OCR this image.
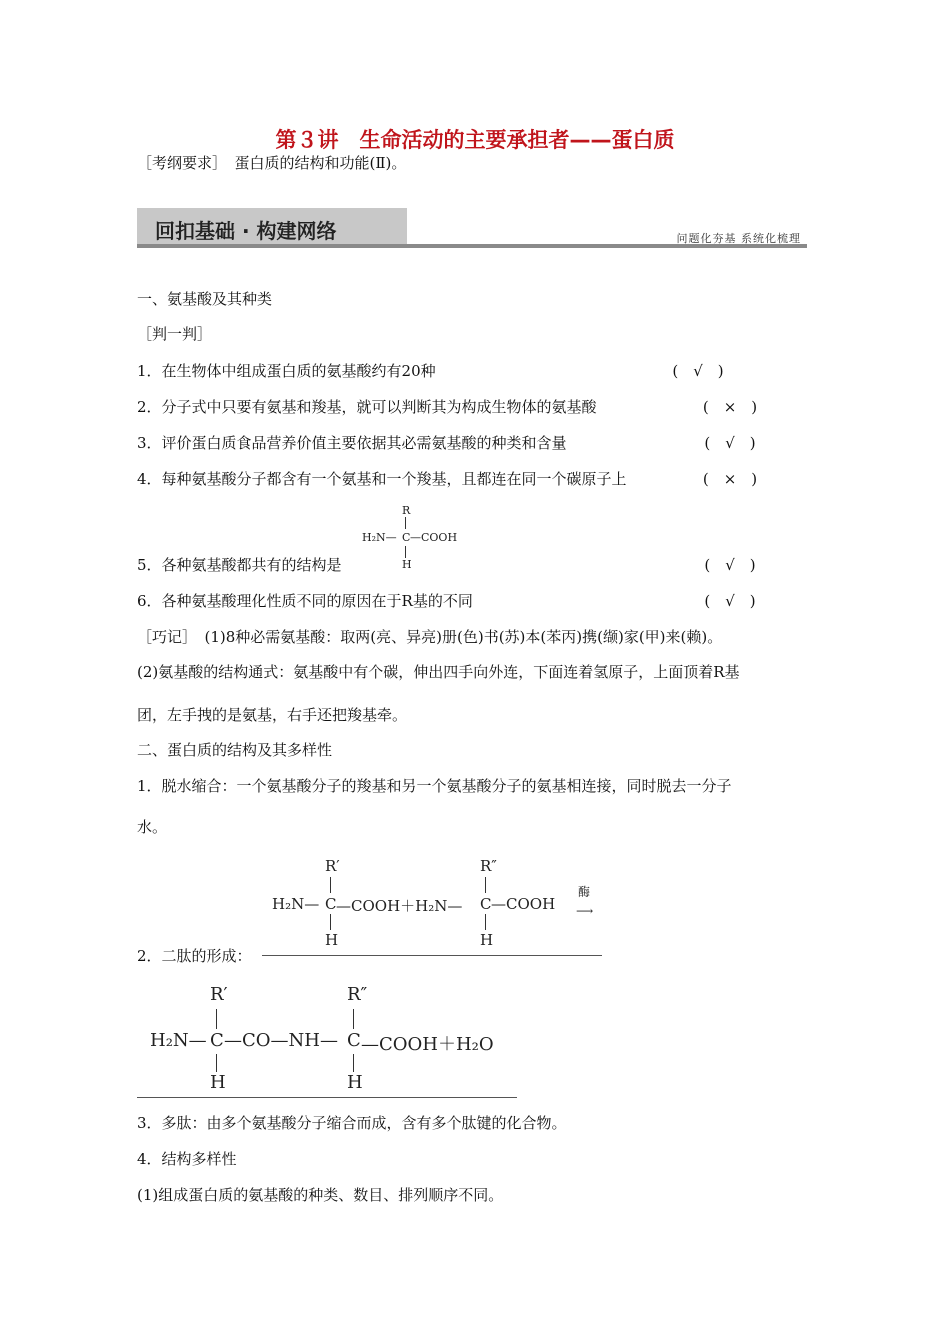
第３讲　生命活动的主要承担者——蛋白质
［考纲要求］　蛋白质的结构和功能(Ⅱ)。
回扣基础 · 构建网络	问题化夯基 系统化梳理
一、氨基酸及其种类
［判一判］
1．在生物体中组成蛋白质的氨基酸约有20种	(　√　)
2．分子式中只要有氨基和羧基，就可以判断其为构成生物体的氨基酸	(　×　)
3．评价蛋白质食品营养价值主要依据其必需氨基酸的种类和含量	(　√　)
4．每种氨基酸分子都含有一个氨基和一个羧基，且都连在同一个碳原子上	(　×　)
R
H₂N— C —COOH
H
5．各种氨基酸都共有的结构是	(　√　)
6．各种氨基酸理化性质不同的原因在于R基的不同	(　√　)
［巧记］　(1)8种必需氨基酸：取两(亮、异亮)册(色)书(苏)本(苯丙)携(缬)家(甲)来(赖)。
(2)氨基酸的结构通式：氨基酸中有个碳，伸出四手向外连，下面连着氢原子，上面顶着R基
团，左手拽的是氨基，右手还把羧基牵。
二、蛋白质的结构及其多样性
1．脱水缩合：一个氨基酸分子的羧基和另一个氨基酸分子的氨基相连接，同时脱去一分子
水。
R′
H₂N— C —COOH＋H₂N— C —COOH
H
R″
H
酶
⟶
2．二肽的形成：
R′
H₂N— C —CO—NH— C —COOH＋H₂O
H
R″
H
3．多肽：由多个氨基酸分子缩合而成，含有多个肽键的化合物。
4．结构多样性
(1)组成蛋白质的氨基酸的种类、数目、排列顺序不同。
